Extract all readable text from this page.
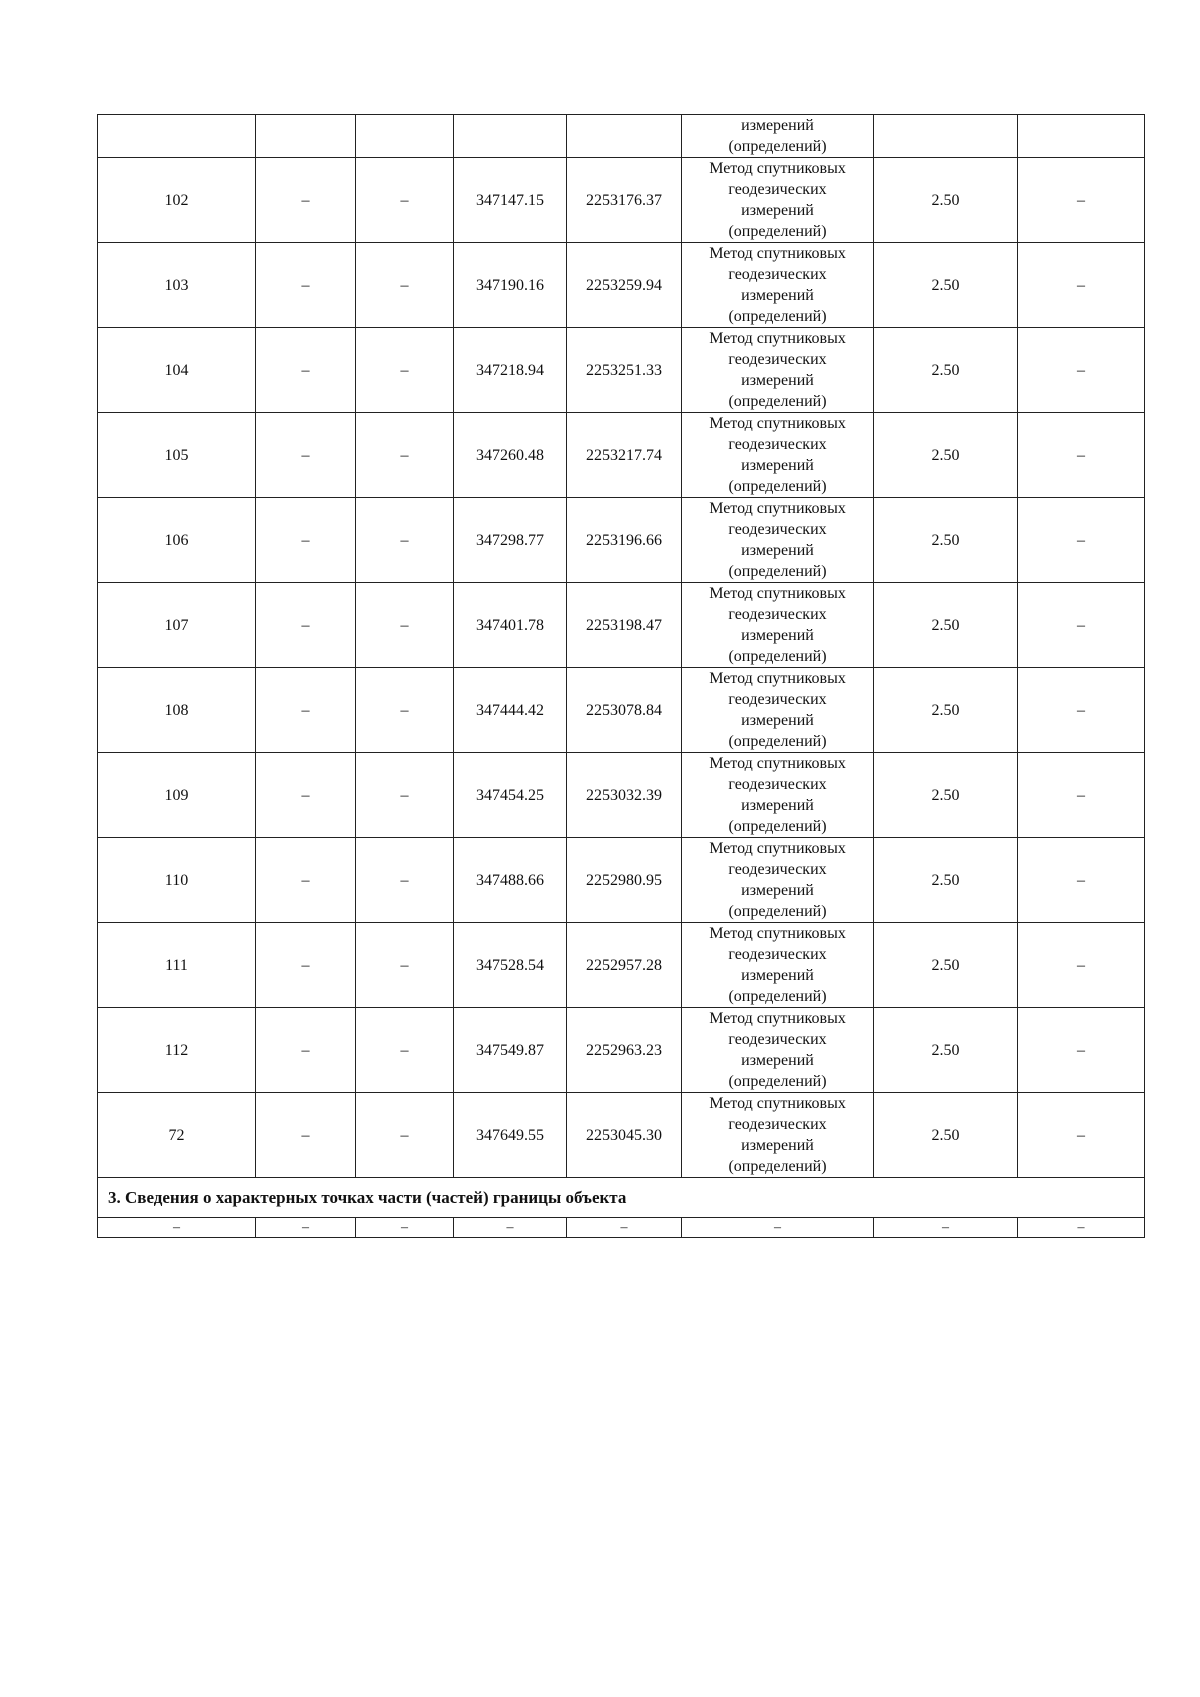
					измерений
(определений)		

102	–	–	347147.15	2253176.37	Метод спутниковых
геодезических
измерений
(определений)	2.50	–
103	–	–	347190.16	2253259.94	Метод спутниковых
геодезических
измерений
(определений)	2.50	–
104	–	–	347218.94	2253251.33	Метод спутниковых
геодезических
измерений
(определений)	2.50	–
105	–	–	347260.48	2253217.74	Метод спутниковых
геодезических
измерений
(определений)	2.50	–
106	–	–	347298.77	2253196.66	Метод спутниковых
геодезических
измерений
(определений)	2.50	–
107	–	–	347401.78	2253198.47	Метод спутниковых
геодезических
измерений
(определений)	2.50	–
108	–	–	347444.42	2253078.84	Метод спутниковых
геодезических
измерений
(определений)	2.50	–
109	–	–	347454.25	2253032.39	Метод спутниковых
геодезических
измерений
(определений)	2.50	–
110	–	–	347488.66	2252980.95	Метод спутниковых
геодезических
измерений
(определений)	2.50	–
111	–	–	347528.54	2252957.28	Метод спутниковых
геодезических
измерений
(определений)	2.50	–
112	–	–	347549.87	2252963.23	Метод спутниковых
геодезических
измерений
(определений)	2.50	–
72	–	–	347649.55	2253045.30	Метод спутниковых
геодезических
измерений
(определений)	2.50	–
3. Сведения о характерных точках части (частей) границы объекта							
–	–	–	–	–	–	–	–
